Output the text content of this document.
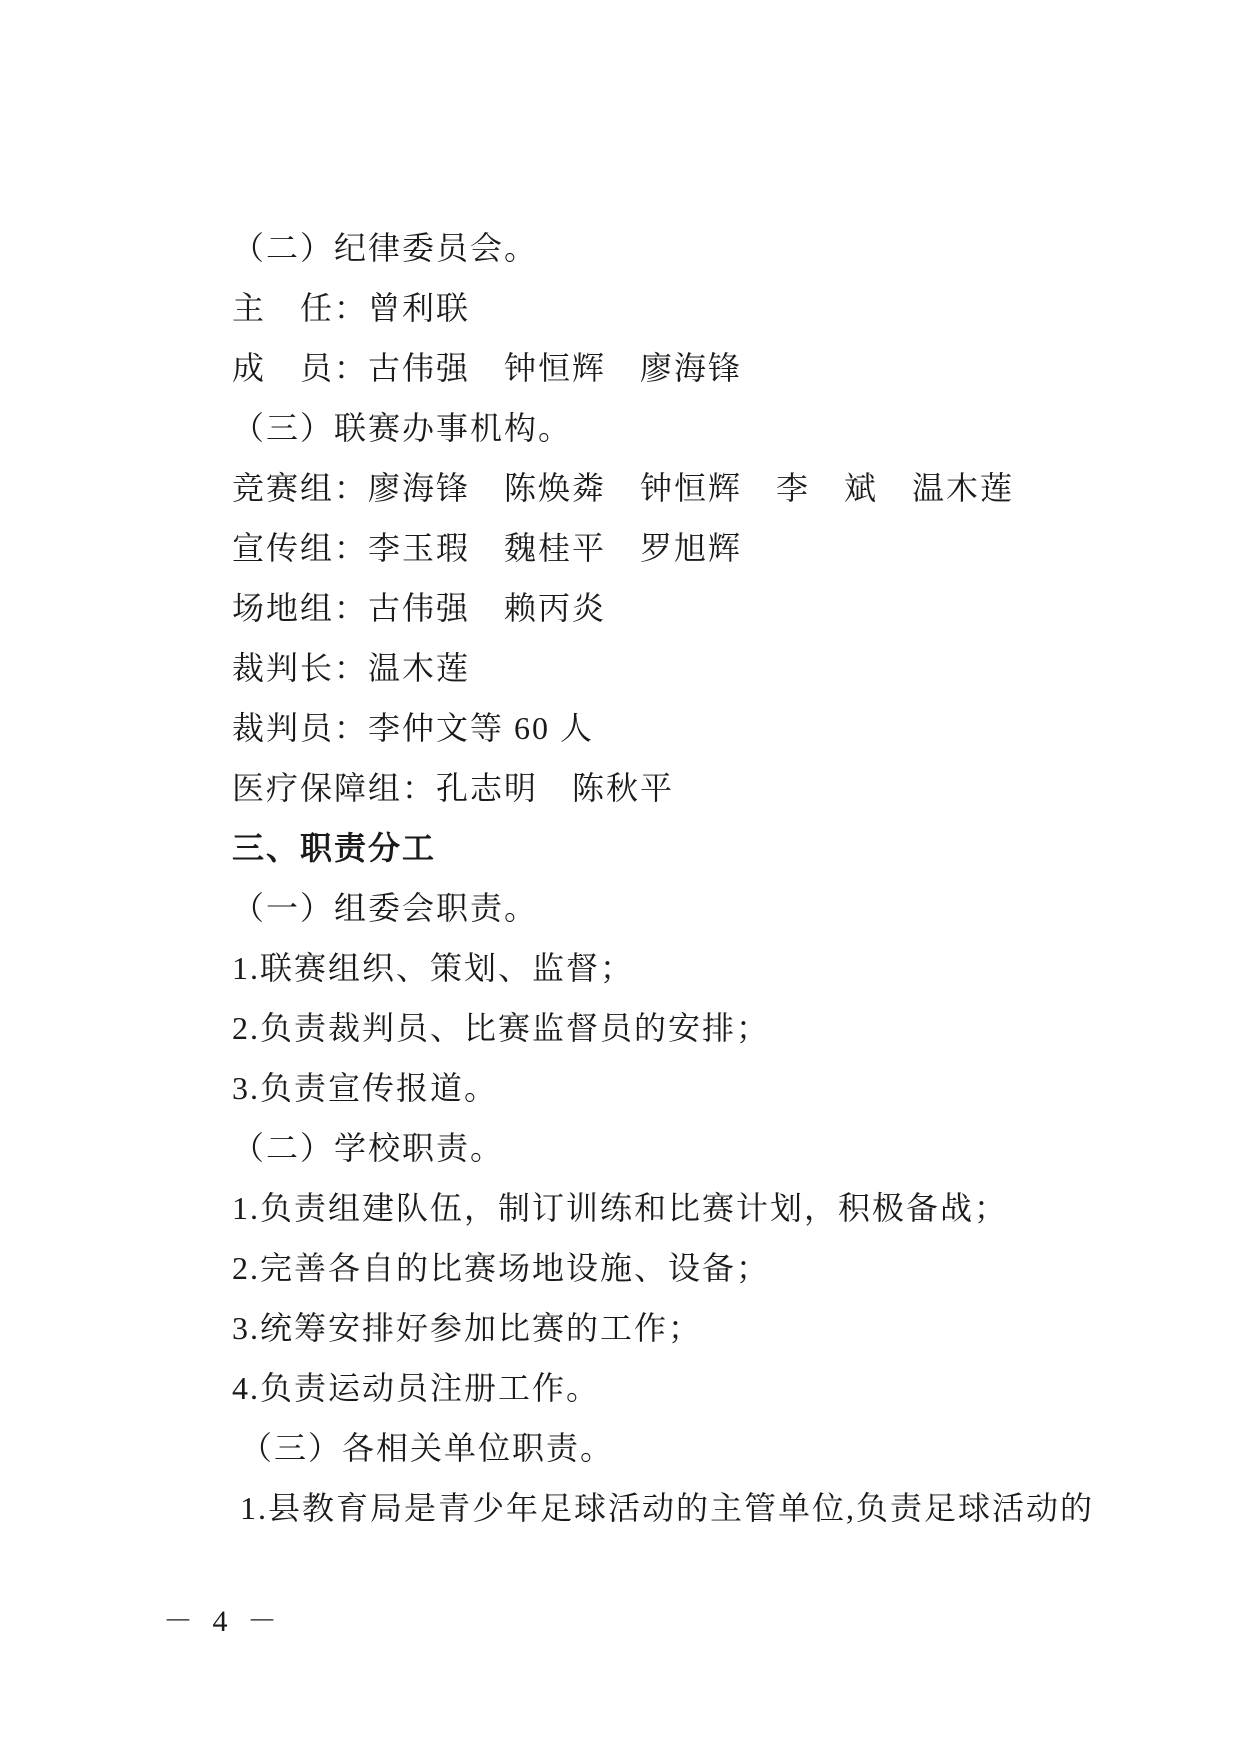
（二）纪律委员会。
主　任：曾利联
成　员：古伟强　钟恒辉　廖海锋
（三）联赛办事机构。
竞赛组：廖海锋　陈焕粦　钟恒辉　李　斌　温木莲
宣传组：李玉瑕　魏桂平　罗旭辉
场地组：古伟强　赖丙炎
裁判长：温木莲
裁判员：李仲文等 60 人
医疗保障组：孔志明　陈秋平
三、职责分工
（一）组委会职责。
1.联赛组织、策划、监督；
2.负责裁判员、比赛监督员的安排；
3.负责宣传报道。
（二）学校职责。
1.负责组建队伍，制订训练和比赛计划，积极备战；
2.完善各自的比赛场地设施、设备；
3.统筹安排好参加比赛的工作；
4.负责运动员注册工作。
（三）各相关单位职责。
1.县教育局是青少年足球活动的主管单位,负责足球活动的
－ 4 －
